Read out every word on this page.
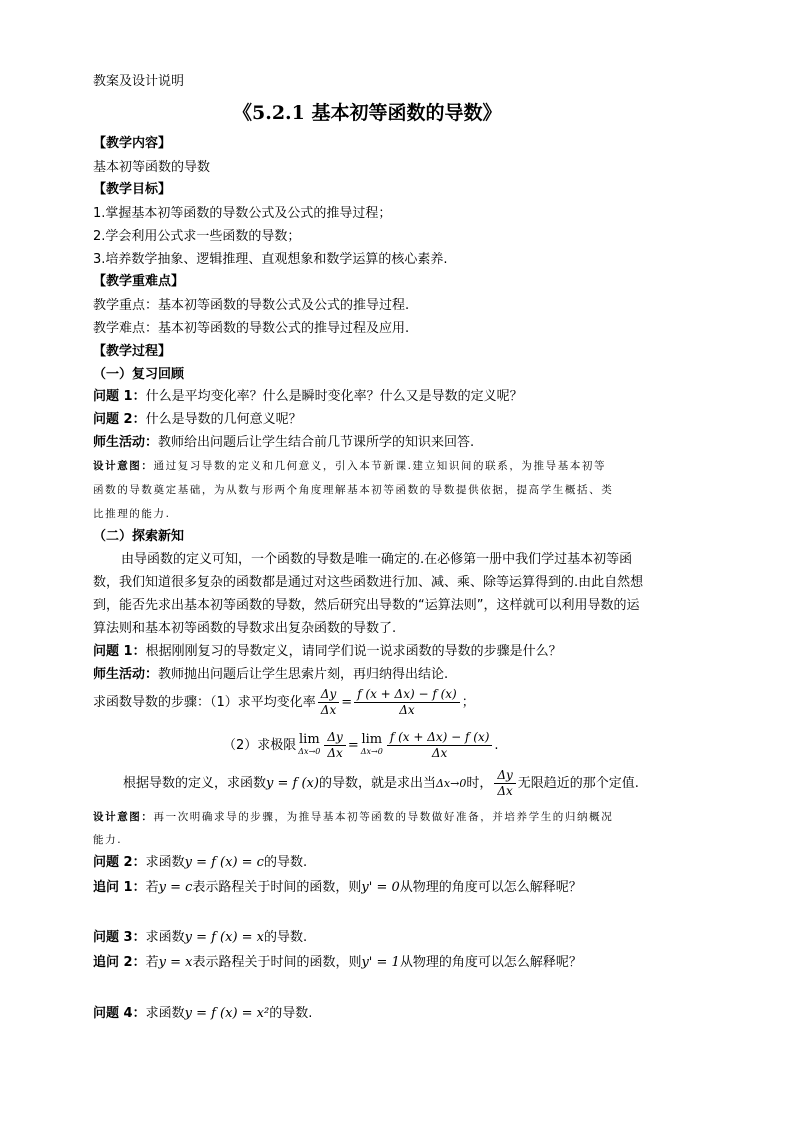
教案及设计说明
《5.2.1 基本初等函数的导数》
【教学内容】
基本初等函数的导数
【教学目标】
1.掌握基本初等函数的导数公式及公式的推导过程；
2.学会利用公式求一些函数的导数；
3.培养数学抽象、逻辑推理、直观想象和数学运算的核心素养.
【教学重难点】
教学重点：基本初等函数的导数公式及公式的推导过程.
教学难点：基本初等函数的导数公式的推导过程及应用.
【教学过程】
（一）复习回顾
问题 1：什么是平均变化率？什么是瞬时变化率？什么又是导数的定义呢？
问题 2：什么是导数的几何意义呢？
师生活动：教师给出问题后让学生结合前几节课所学的知识来回答.
设计意图：通过复习导数的定义和几何意义，引入本节新课.建立知识间的联系，为推导基本初等
函数的导数奠定基础，为从数与形两个角度理解基本初等函数的导数提供依据，提高学生概括、类
比推理的能力.
（二）探索新知
由导函数的定义可知，一个函数的导数是唯一确定的.在必修第一册中我们学过基本初等函
数，我们知道很多复杂的函数都是通过对这些函数进行加、减、乘、除等运算得到的.由此自然想
到，能否先求出基本初等函数的导数，然后研究出导数的“运算法则”，这样就可以利用导数的运
算法则和基本初等函数的导数求出复杂函数的导数了.
问题 1：根据刚刚复习的导数定义，请同学们说一说求函数的导数的步骤是什么？
师生活动：教师抛出问题后让学生思索片刻，再归纳得出结论.
求函数导数的步骤：（1）求平均变化率 $\frac{\Delta y}{\Delta x} = \frac{f (x + \Delta x) - f (x)}{\Delta x}$ ；
（2）求极限 lim
$\Delta x\to 0 \frac{\Delta y}{\Delta x} = \lim$
$\Delta x\to 0 \frac{f (x + \Delta x) - f (x)}{\Delta x}$ .
根据导数的定义，求函数y = f (x)的导数，就是求出当Δx→0时， $\frac{\Delta y}{\Delta x}$ 无限趋近的那个定值.
设计意图：再一次明确求导的步骤，为推导基本初等函数的导数做好准备，并培养学生的归纳概况
能力.
问题 2：求函数y = f (x) = c的导数.
追问 1：若y = c表示路程关于时间的函数，则y' = 0从物理的角度可以怎么解释呢？
问题 3：求函数y = f (x) = x的导数.
追问 2：若y = x表示路程关于时间的函数，则y' = 1从物理的角度可以怎么解释呢？
问题 4：求函数y = f (x) = x²的导数.
